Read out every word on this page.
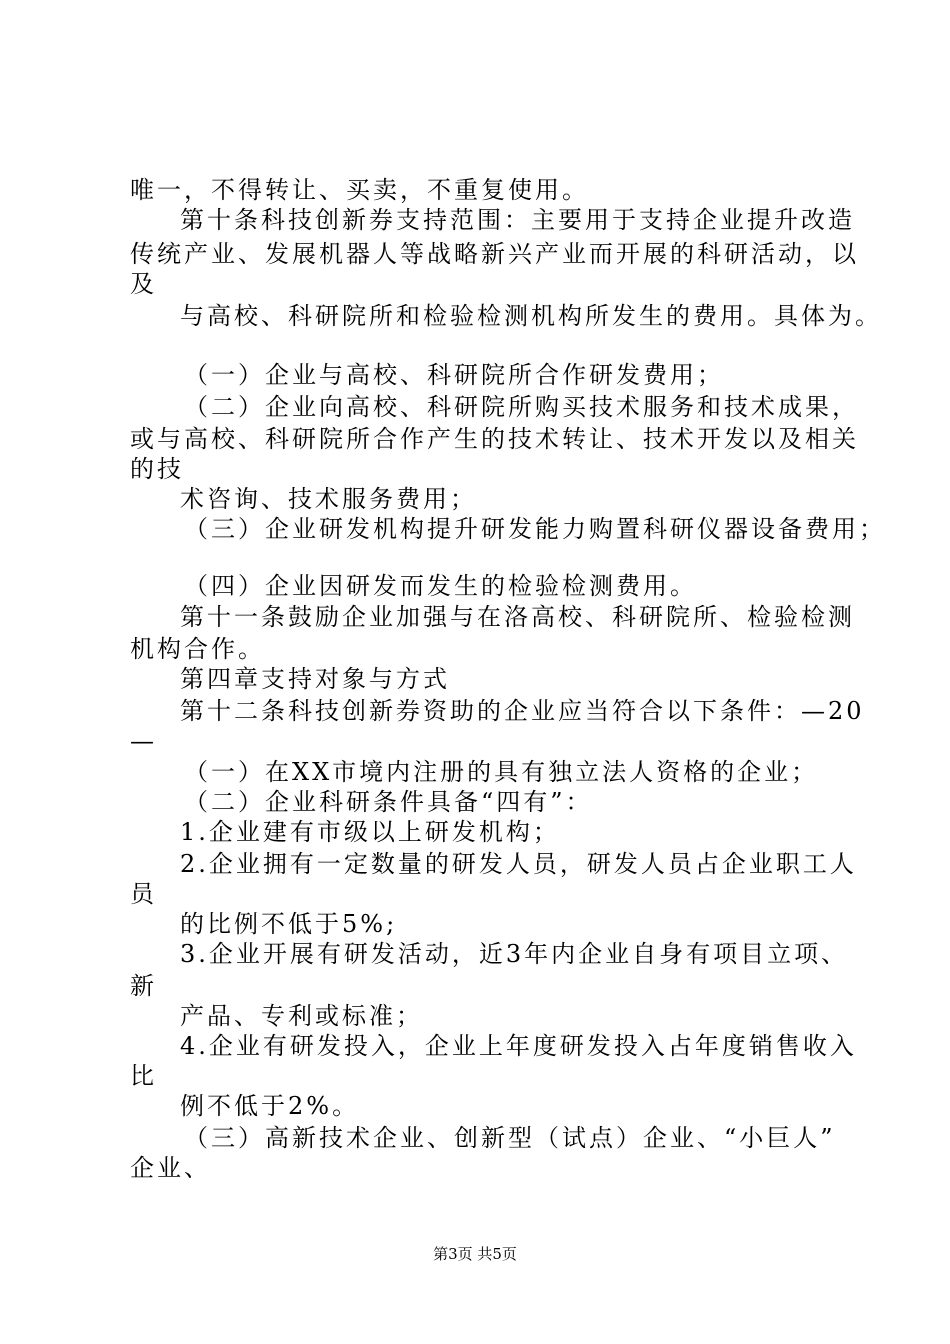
唯一，不得转让、买卖，不重复使用。
第十条科技创新券支持范围：主要用于支持企业提升改造
传统产业、发展机器人等战略新兴产业而开展的科研活动，以
及
与高校、科研院所和检验检测机构所发生的费用。具体为。
（一）企业与高校、科研院所合作研发费用；
（二）企业向高校、科研院所购买技术服务和技术成果，
或与高校、科研院所合作产生的技术转让、技术开发以及相关
的技
术咨询、技术服务费用；
（三）企业研发机构提升研发能力购置科研仪器设备费用；
（四）企业因研发而发生的检验检测费用。
第十一条鼓励企业加强与在洛高校、科研院所、检验检测
机构合作。
第四章支持对象与方式
第十二条科技创新券资助的企业应当符合以下条件：—20
—
（一）在XX市境内注册的具有独立法人资格的企业；
（二）企业科研条件具备“四有”：
1.企业建有市级以上研发机构；
2.企业拥有一定数量的研发人员，研发人员占企业职工人
员
的比例不低于5%;
3.企业开展有研发活动，近3年内企业自身有项目立项、
新
产品、专利或标准；
4.企业有研发投入，企业上年度研发投入占年度销售收入
比
例不低于2%。
（三）高新技术企业、创新型（试点）企业、“小巨人”
企业、
第3页 共5页
